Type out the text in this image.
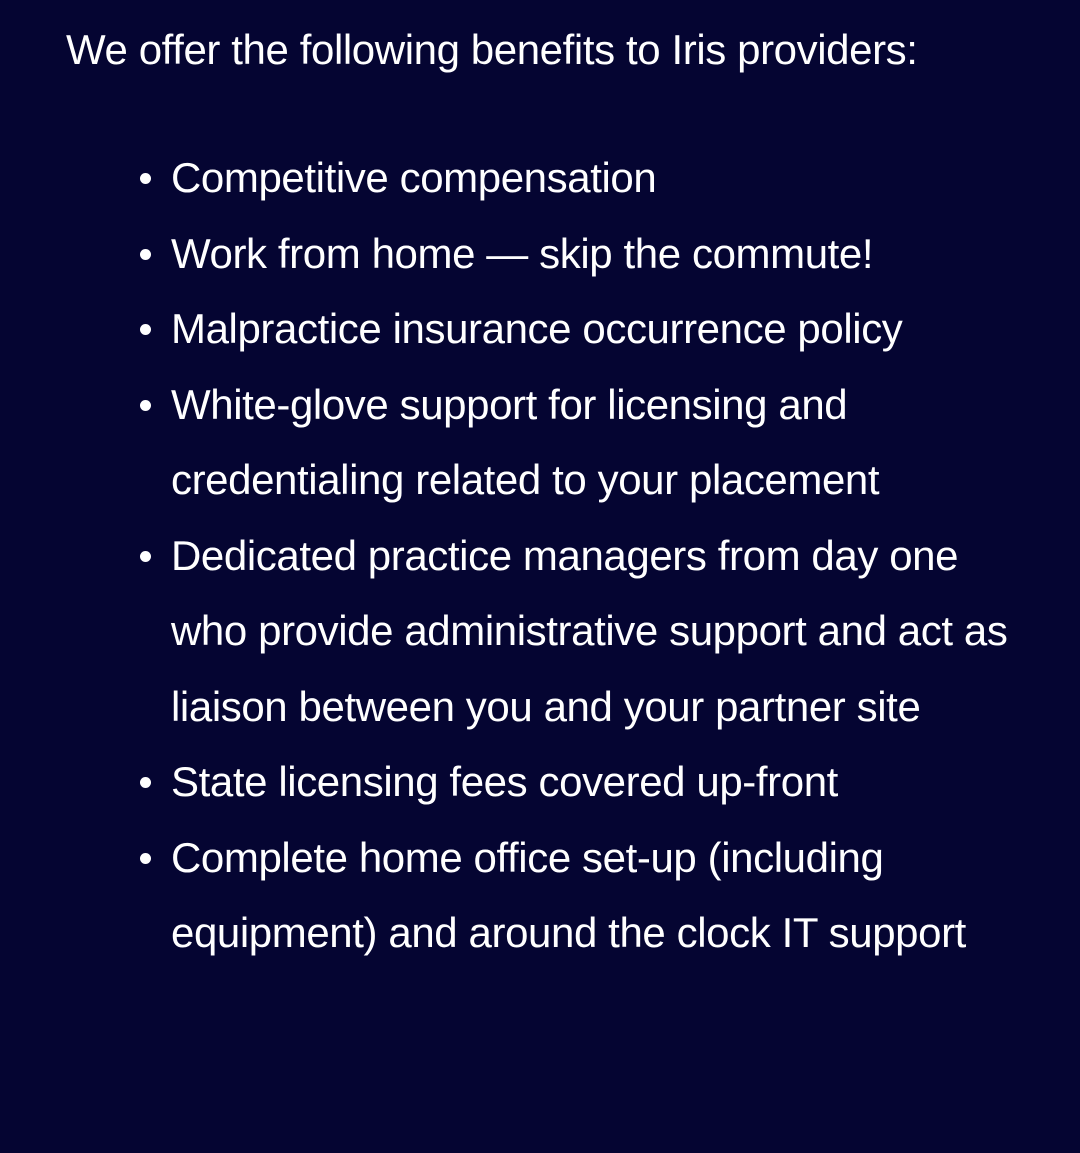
We offer the following benefits to Iris providers:
Competitive compensation
Work from home — skip the commute!
Malpractice insurance occurrence policy
White-glove support for licensing and credentialing related to your placement
Dedicated practice managers from day one who provide administrative support and act as liaison between you and your partner site
State licensing fees covered up-front
Complete home office set-up (including equipment) and around the clock IT support
